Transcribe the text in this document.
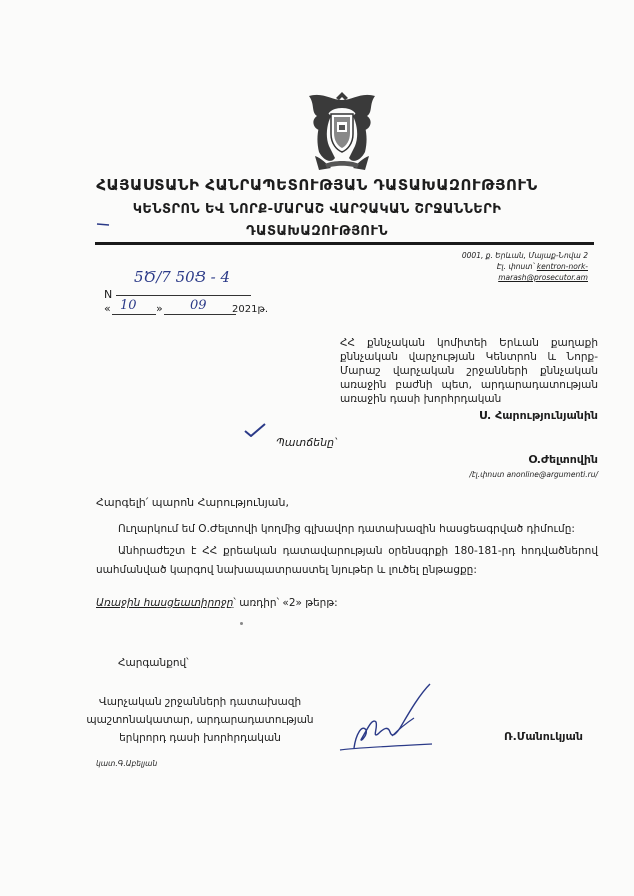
ՀԱՅԱՍՏԱՆԻ ՀԱՆՐԱՊԵՏՈՒԹՅԱՆ ԴԱՏԱԽԱԶՈՒԹՅՈՒՆ
ԿԵՆՏՐՈՆ ԵՎ ՆՈՐՔ-ՄԱՐԱՇ ՎԱՐՉԱԿԱՆ ՇՐՋԱՆՆԵՐԻ
ԴԱՏԱԽԱԶՈՒԹՅՈՒՆ
0001, ք. Երևան, Մայաք-Նովա 2
Էլ. փոստ՝ kentron-nork-
marash@prosecutor.am
N
5Ծ/7 50Ց - 4
« 10 » 09	2021թ.
ՀՀ քննչական կոմիտեի Երևան քաղաքի քննչական վարչության Կենտրոն և Նորք-Մարաշ վարչական շրջանների քննչական առաջին բաժնի պետ, արդարադատության առաջին դասի խորհրդական
Ս. Հարությունյանին
Պատճենը՝
Օ.Ժելտովին
/էլ.փոստ anonline@argumenti.ru/
Հարգելի՛ պարոն Հարությունյան,
Ուղարկում եմ Օ.Ժելտովի կողմից գլխավոր դատախազին հասցեագրված դիմումը:
Անհրաժեշտ է ՀՀ քրեական դատավարության օրենսգրքի 180-181-րդ հոդվածներով սահմանված կարգով նախապատրաստել նյութեր և լուծել ընթացքը:
Առաջին հասցեատիրոջը՝ առդիր՝ «2» թերթ:
Հարգանքով՝
Վարչական շրջանների դատախազի
պաշտոնակատար, արդարադատության
երկրորդ դասի խորհրդական	Ռ.Մանուկյան
կատ.Գ.Աբելյան
